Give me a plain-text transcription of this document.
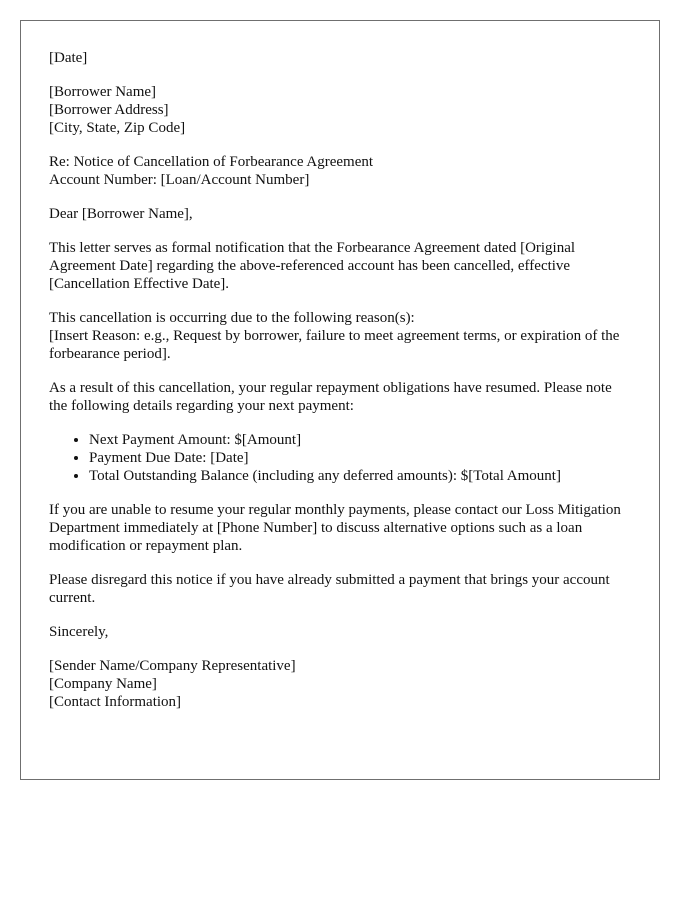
[Date]

[Borrower Name]
[Borrower Address]
[City, State, Zip Code]
Re: Notice of Cancellation of Forbearance Agreement
Account Number: [Loan/Account Number]

Dear [Borrower Name],

This letter serves as formal notification that the Forbearance Agreement dated [Original Agreement Date] regarding the above-referenced account has been cancelled, effective [Cancellation Effective Date].

This cancellation is occurring due to the following reason(s):
[Insert Reason: e.g., Request by borrower, failure to meet agreement terms, or expiration of the forbearance period].

As a result of this cancellation, your regular repayment obligations have resumed. Please note the following details regarding your next payment:

• Next Payment Amount: $[Amount]
• Payment Due Date: [Date]
• Total Outstanding Balance (including any deferred amounts): $[Total Amount]

If you are unable to resume your regular monthly payments, please contact our Loss Mitigation Department immediately at [Phone Number] to discuss alternative options such as a loan modification or repayment plan.

Please disregard this notice if you have already submitted a payment that brings your account current.

Sincerely,

[Sender Name/Company Representative]
[Company Name]
[Contact Information]
